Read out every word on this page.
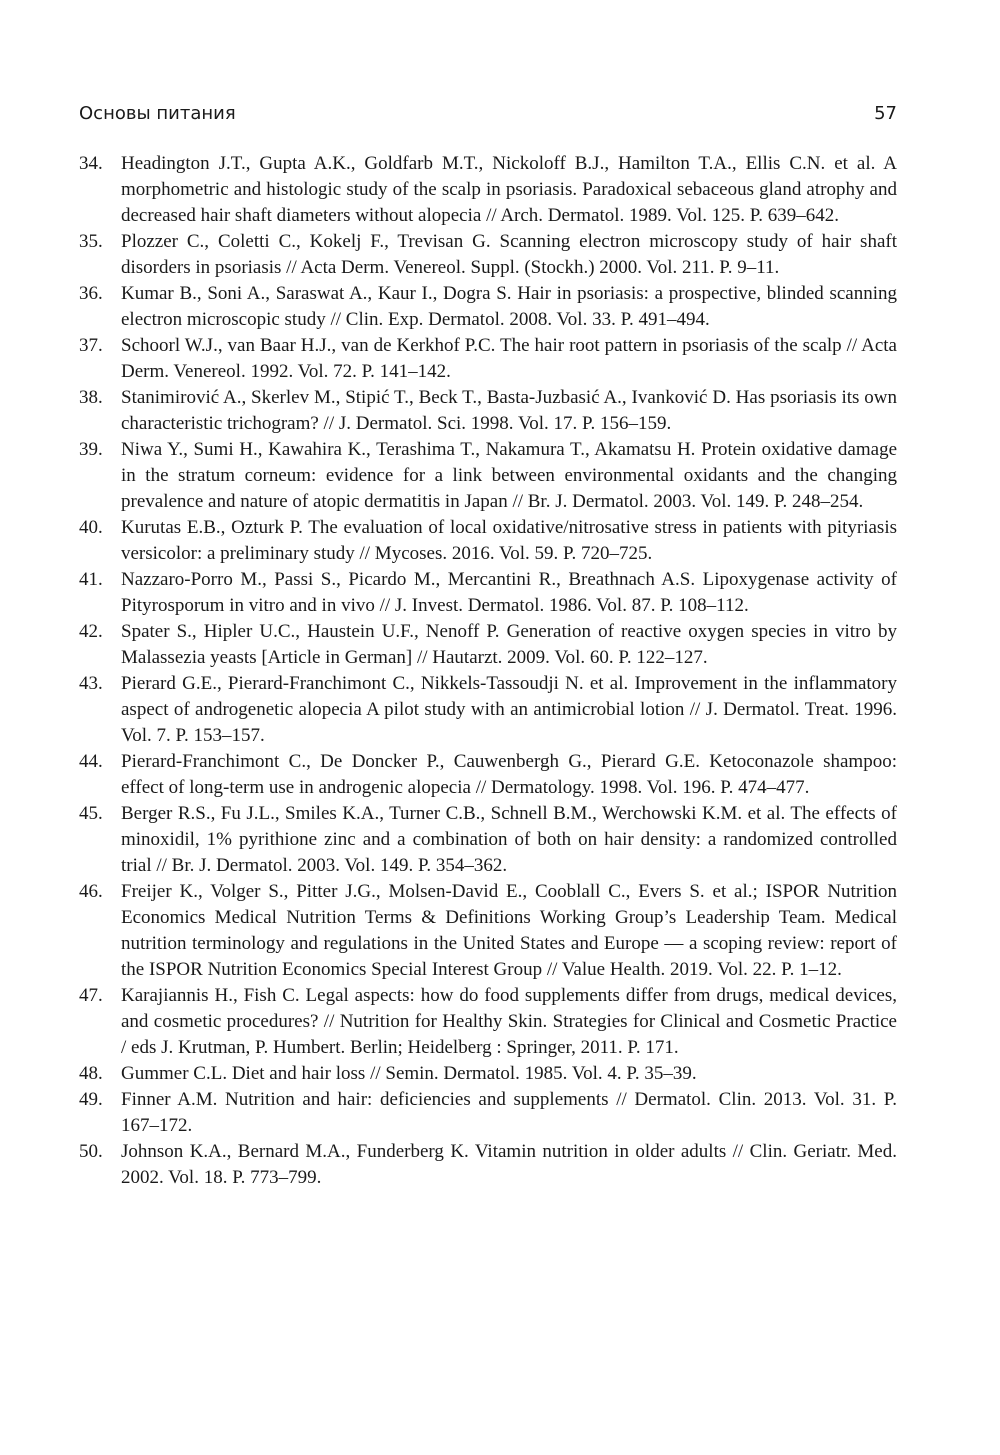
Основы питания	57
34. Headington J.T., Gupta A.K., Goldfarb M.T., Nickoloff B.J., Hamilton T.A., Ellis C.N. et al. A morphometric and histologic study of the scalp in psoriasis. Paradoxical sebaceous gland atrophy and decreased hair shaft diameters without alopecia // Arch. Dermatol. 1989. Vol. 125. P. 639–642.
35. Plozzer C., Coletti C., Kokelj F., Trevisan G. Scanning electron microscopy study of hair shaft disorders in psoriasis // Acta Derm. Venereol. Suppl. (Stockh.) 2000. Vol. 211. P. 9–11.
36. Kumar B., Soni A., Saraswat A., Kaur I., Dogra S. Hair in psoriasis: a prospective, blinded scanning electron microscopic study // Clin. Exp. Dermatol. 2008. Vol. 33. P. 491–494.
37. Schoorl W.J., van Baar H.J., van de Kerkhof P.C. The hair root pattern in psoriasis of the scalp // Acta Derm. Venereol. 1992. Vol. 72. P. 141–142.
38. Stanimirović A., Skerlev M., Stipić T., Beck T., Basta-Juzbasić A., Ivanković D. Has psoriasis its own characteristic trichogram? // J. Dermatol. Sci. 1998. Vol. 17. P. 156–159.
39. Niwa Y., Sumi H., Kawahira K., Terashima T., Nakamura T., Akamatsu H. Protein oxidative damage in the stratum corneum: evidence for a link between environmental oxidants and the changing prevalence and nature of atopic dermatitis in Japan // Br. J. Dermatol. 2003. Vol. 149. P. 248–254.
40. Kurutas E.B., Ozturk P. The evaluation of local oxidative/nitrosative stress in patients with pityriasis versicolor: a preliminary study // Mycoses. 2016. Vol. 59. P. 720–725.
41. Nazzaro-Porro M., Passi S., Picardo M., Mercantini R., Breathnach A.S. Lipoxygenase activity of Pityrosporum in vitro and in vivo // J. Invest. Dermatol. 1986. Vol. 87. P. 108–112.
42. Spater S., Hipler U.C., Haustein U.F., Nenoff P. Generation of reactive oxygen species in vitro by Malassezia yeasts [Article in German] // Hautarzt. 2009. Vol. 60. P. 122–127.
43. Pierard G.E., Pierard-Franchimont C., Nikkels-Tassoudji N. et al. Improvement in the inflammatory aspect of androgenetic alopecia A pilot study with an antimicrobial lotion // J. Dermatol. Treat. 1996. Vol. 7. P. 153–157.
44. Pierard-Franchimont C., De Doncker P., Cauwenbergh G., Pierard G.E. Ketoconazole shampoo: effect of long-term use in androgenic alopecia // Dermatology. 1998. Vol. 196. P. 474–477.
45. Berger R.S., Fu J.L., Smiles K.A., Turner C.B., Schnell B.M., Werchowski K.M. et al. The effects of minoxidil, 1% pyrithione zinc and a combination of both on hair density: a randomized controlled trial // Br. J. Dermatol. 2003. Vol. 149. P. 354–362.
46. Freijer K., Volger S., Pitter J.G., Molsen-David E., Cooblall C., Evers S. et al.; ISPOR Nutrition Economics Medical Nutrition Terms & Definitions Working Group’s Leadership Team. Medical nutrition terminology and regulations in the United States and Europe — a scoping review: report of the ISPOR Nutrition Economics Special Interest Group // Value Health. 2019. Vol. 22. P. 1–12.
47. Karajiannis H., Fish C. Legal aspects: how do food supplements differ from drugs, medical devices, and cosmetic procedures? // Nutrition for Healthy Skin. Strategies for Clinical and Cosmetic Practice / eds J. Krutman, P. Humbert. Berlin; Heidelberg : Springer, 2011. P. 171.
48. Gummer C.L. Diet and hair loss // Semin. Dermatol. 1985. Vol. 4. P. 35–39.
49. Finner A.M. Nutrition and hair: deficiencies and supplements // Dermatol. Clin. 2013. Vol. 31. P. 167–172.
50. Johnson K.A., Bernard M.A., Funderberg K. Vitamin nutrition in older adults // Clin. Geriatr. Med. 2002. Vol. 18. P. 773–799.
